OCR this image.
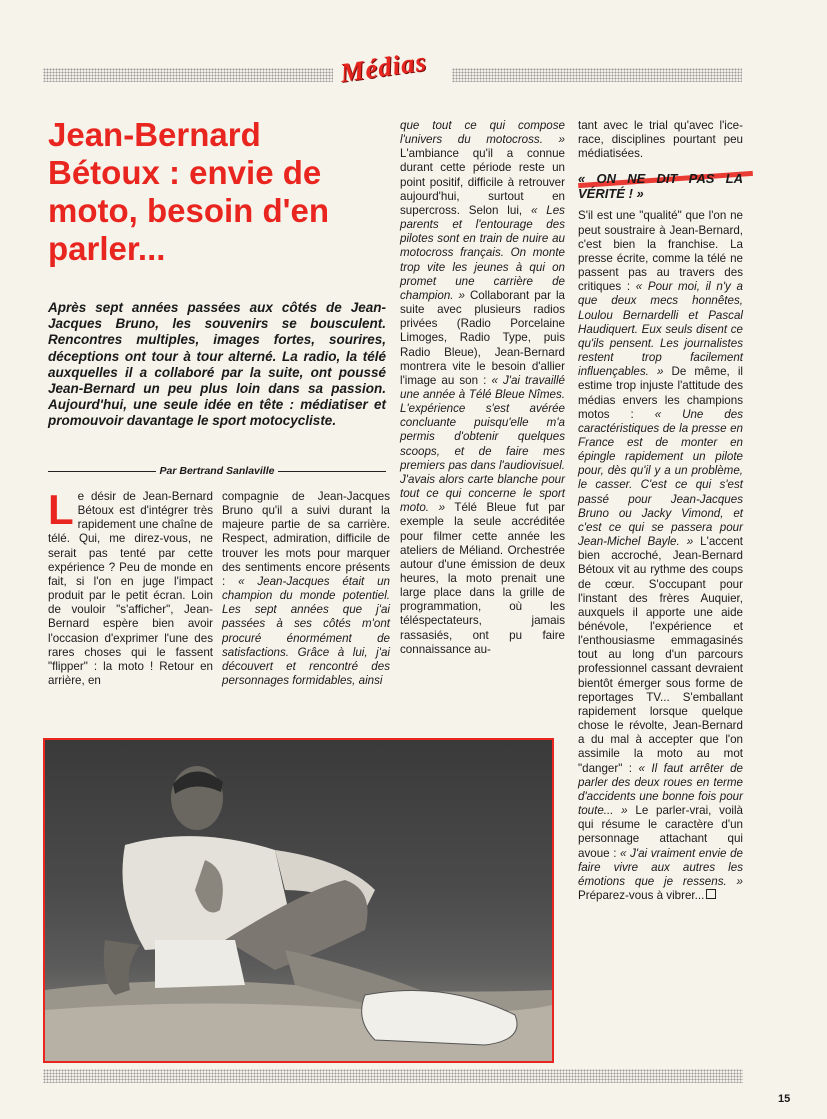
Médias
Jean-Bernard Bétoux : envie de moto, besoin d'en parler...

Après sept années passées aux côtés de Jean-Jacques Bruno, les souvenirs se bousculent. Rencontres multiples, images fortes, sourires, déceptions ont tour à tour alterné. La radio, la télé auxquelles il a collaboré par la suite, ont poussé Jean-Bernard un peu plus loin dans sa passion. Aujourd'hui, une seule idée en tête : médiatiser et promouvoir davantage le sport motocycliste.

Par Bertrand Sanlaville
L e désir de Jean-Bernard Bétoux est d'intégrer très rapidement une chaîne de télé. Qui, me direz-vous, ne serait pas tenté par cette expérience ? Peu de monde en fait, si l'on en juge l'impact produit par le petit écran. Loin de vouloir "s'afficher", Jean-Bernard espère bien avoir l'occasion d'exprimer l'une des rares choses qui le fassent "flipper" : la moto ! Retour en arrière, en
compagnie de Jean-Jacques Bruno qu'il a suivi durant la majeure partie de sa carrière. Respect, admiration, difficile de trouver les mots pour marquer des sentiments encore présents : « Jean-Jacques était un champion du monde potentiel. Les sept années que j'ai passées à ses côtés m'ont procuré énormément de satisfactions. Grâce à lui, j'ai découvert et rencontré des personnages formidables, ainsi
que tout ce qui compose l'univers du motocross. » L'ambiance qu'il a connue durant cette période reste un point positif, difficile à retrouver aujourd'hui, surtout en supercross. Selon lui, « Les parents et l'entourage des pilotes sont en train de nuire au motocross français. On monte trop vite les jeunes à qui on promet une carrière de champion. » Collaborant par la suite avec plusieurs radios privées (Radio Porcelaine Limoges, Radio Type, puis Radio Bleue), Jean-Bernard montrera vite le besoin d'allier l'image au son : « J'ai travaillé une année à Télé Bleue Nîmes. L'expérience s'est avérée concluante puisqu'elle m'a permis d'obtenir quelques scoops, et de faire mes premiers pas dans l'audiovisuel. J'avais alors carte blanche pour tout ce qui concerne le sport moto. » Télé Bleue fut par exemple la seule accréditée pour filmer cette année les ateliers de Méliand. Orchestrée autour d'une émission de deux heures, la moto prenait une large place dans la grille de programmation, où les téléspectateurs, jamais rassasiés, ont pu faire connaissance au-

tant avec le trial qu'avec l'ice-race, disciplines pourtant peu médiatisées.

« ON NE DIT PAS LA VÉRITÉ ! »

S'il est une "qualité" que l'on ne peut soustraire à Jean-Bernard, c'est bien la franchise. La presse écrite, comme la télé ne passent pas au travers des critiques : « Pour moi, il n'y a que deux mecs honnêtes, Loulou Bernardelli et Pascal Haudiquert. Eux seuls disent ce qu'ils pensent. Les journalistes restent trop facilement influençables. » De même, il estime trop injuste l'attitude des médias envers les champions motos : « Une des caractéristiques de la presse en France est de monter en épingle rapidement un pilote pour, dès qu'il y a un problème, le casser. C'est ce qui s'est passé pour Jean-Jacques Bruno ou Jacky Vimond, et c'est ce qui se passera pour Jean-Michel Bayle. » L'accent bien accroché, Jean-Bernard Bétoux vit au rythme des coups de cœur. S'occupant pour l'instant des frères Auquier, auxquels il apporte une aide bénévole, l'expérience et l'enthousiasme emmagasinés tout au long d'un parcours professionnel cassant devraient bientôt émerger sous forme de reportages TV... S'emballant rapidement lorsque quelque chose le révolte, Jean-Bernard a du mal à accepter que l'on assimile la moto au mot "danger" : « Il faut arrêter de parler des deux roues en terme d'accidents une bonne fois pour toute... » Le parler-vrai, voilà qui résume le caractère d'un personnage attachant qui avoue : « J'ai vraiment envie de faire vivre aux autres les émotions que je ressens. » Préparez-vous à vibrer...

15
